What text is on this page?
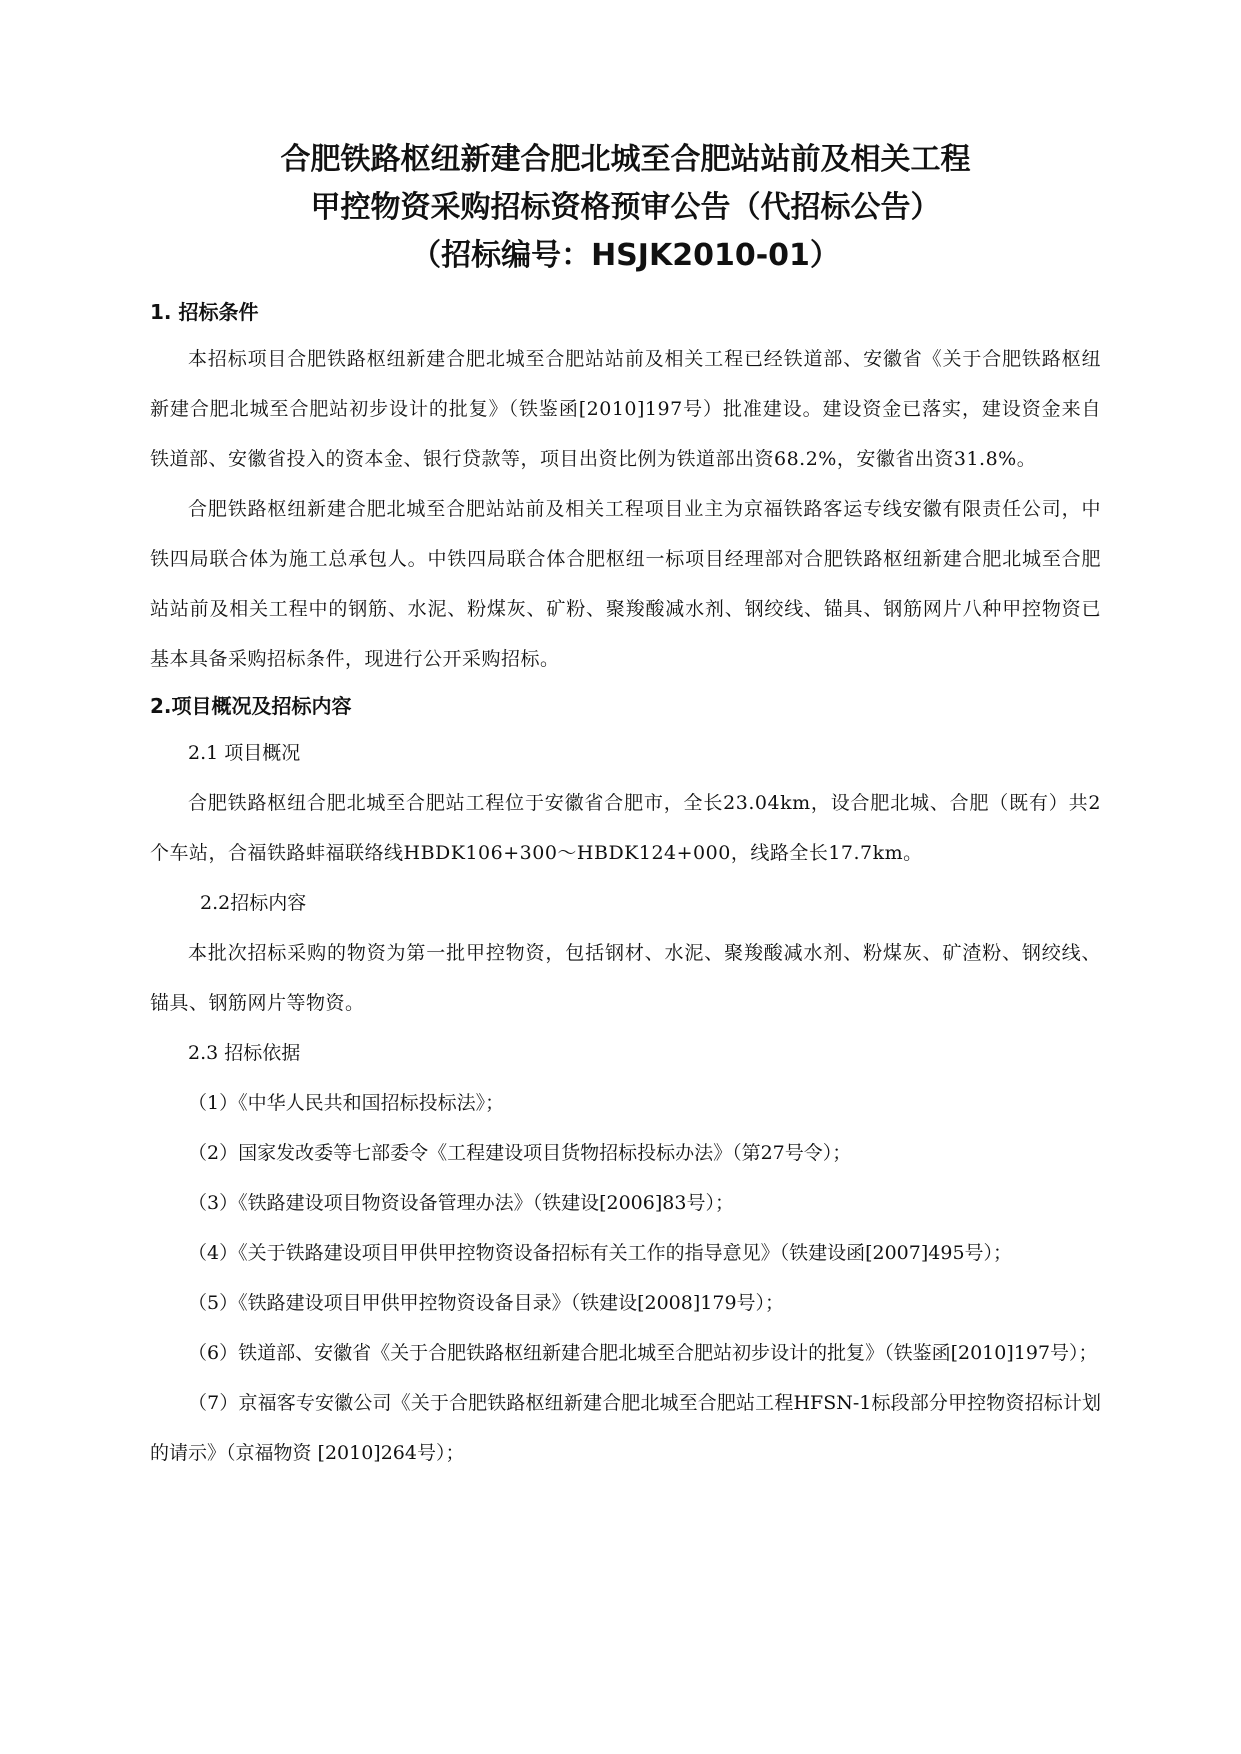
合肥铁路枢纽新建合肥北城至合肥站站前及相关工程

甲控物资采购招标资格预审公告（代招标公告）

（招标编号：HSJK2010-01）

1. 招标条件

本招标项目合肥铁路枢纽新建合肥北城至合肥站站前及相关工程已经铁道部、安徽省《关于合肥铁路枢纽新建合肥北城至合肥站初步设计的批复》（铁鉴函[2010]197号）批准建设。建设资金已落实，建设资金来自铁道部、安徽省投入的资本金、银行贷款等，项目出资比例为铁道部出资68.2%，安徽省出资31.8%。

合肥铁路枢纽新建合肥北城至合肥站站前及相关工程项目业主为京福铁路客运专线安徽有限责任公司，中铁四局联合体为施工总承包人。中铁四局联合体合肥枢纽一标项目经理部对合肥铁路枢纽新建合肥北城至合肥站站前及相关工程中的钢筋、水泥、粉煤灰、矿粉、聚羧酸减水剂、钢绞线、锚具、钢筋网片八种甲控物资已基本具备采购招标条件，现进行公开采购招标。

2.项目概况及招标内容

2.1 项目概况

合肥铁路枢纽合肥北城至合肥站工程位于安徽省合肥市，全长23.04km，设合肥北城、合肥（既有）共2个车站，合福铁路蚌福联络线HBDK106+300～HBDK124+000，线路全长17.7km。

2.2招标内容

本批次招标采购的物资为第一批甲控物资，包括钢材、水泥、聚羧酸减水剂、粉煤灰、矿渣粉、钢绞线、锚具、钢筋网片等物资。

2.3 招标依据

（1）《中华人民共和国招标投标法》；

（2）国家发改委等七部委令《工程建设项目货物招标投标办法》（第27号令）；

（3）《铁路建设项目物资设备管理办法》（铁建设[2006]83号）；

（4）《关于铁路建设项目甲供甲控物资设备招标有关工作的指导意见》（铁建设函[2007]495号）；

（5）《铁路建设项目甲供甲控物资设备目录》（铁建设[2008]179号）；

（6）铁道部、安徽省《关于合肥铁路枢纽新建合肥北城至合肥站初步设计的批复》（铁鉴函[2010]197号）；

（7）京福客专安徽公司《关于合肥铁路枢纽新建合肥北城至合肥站工程HFSN-1标段部分甲控物资招标计划的请示》（京福物资 [2010]264号）；
